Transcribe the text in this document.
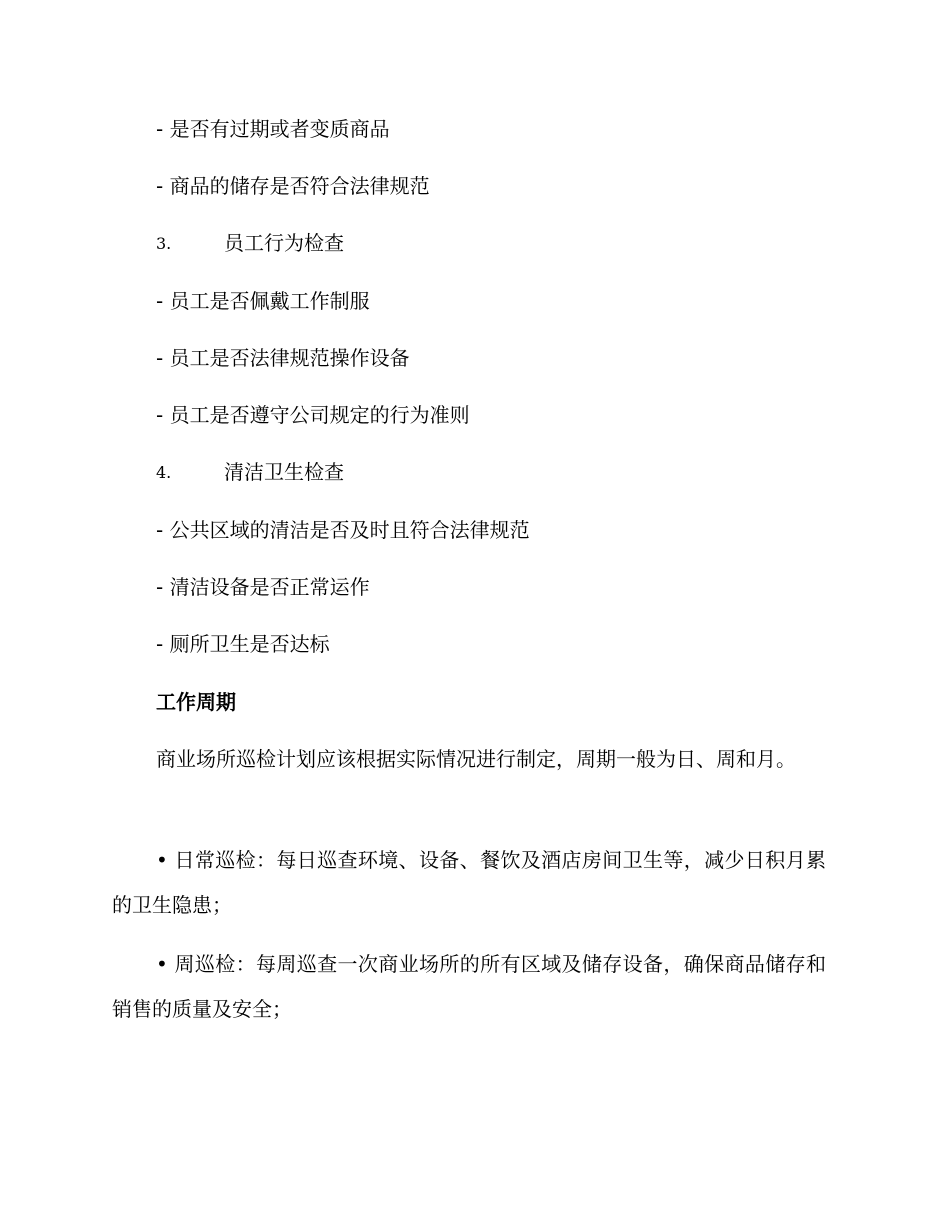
- 是否有过期或者变质商品
- 商品的储存是否符合法律规范
3.	员工行为检查
- 员工是否佩戴工作制服
- 员工是否法律规范操作设备
- 员工是否遵守公司规定的行为准则
4.	清洁卫生检查
- 公共区域的清洁是否及时且符合法律规范
- 清洁设备是否正常运作
- 厕所卫生是否达标
工作周期
商业场所巡检计划应该根据实际情况进行制定，周期一般为日、周和月。
• 日常巡检：每日巡查环境、设备、餐饮及酒店房间卫生等，减少日积月累的卫生隐患；
• 周巡检：每周巡查一次商业场所的所有区域及储存设备，确保商品储存和销售的质量及安全；
